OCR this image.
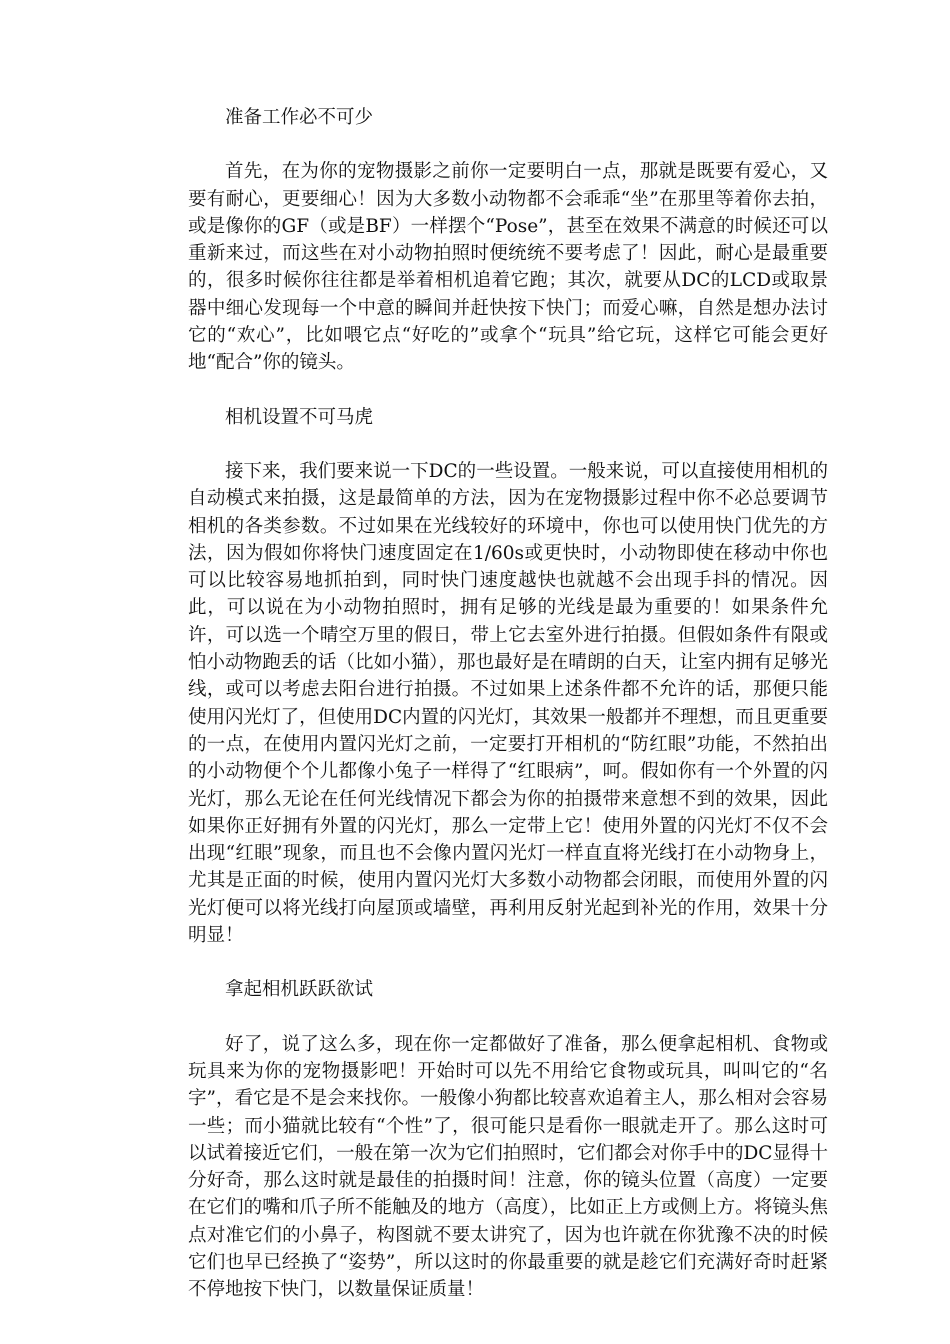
准备工作必不可少

首先，在为你的宠物摄影之前你一定要明白一点，那就是既要有爱心，又要有耐心，更要细心！因为大多数小动物都不会乖乖“坐”在那里等着你去拍，或是像你的GF（或是BF）一样摆个“Pose”，甚至在效果不满意的时候还可以重新来过，而这些在对小动物拍照时便统统不要考虑了！因此，耐心是最重要的，很多时候你往往都是举着相机追着它跑；其次，就要从DC的LCD或取景器中细心发现每一个中意的瞬间并赶快按下快门；而爱心嘛，自然是想办法讨它的“欢心”，比如喂它点“好吃的”或拿个“玩具”给它玩，这样它可能会更好地“配合”你的镜头。

相机设置不可马虎

接下来，我们要来说一下DC的一些设置。一般来说，可以直接使用相机的自动模式来拍摄，这是最简单的方法，因为在宠物摄影过程中你不必总要调节相机的各类参数。不过如果在光线较好的环境中，你也可以使用快门优先的方法，因为假如你将快门速度固定在1/60s或更快时，小动物即使在移动中你也可以比较容易地抓拍到，同时快门速度越快也就越不会出现手抖的情况。因此，可以说在为小动物拍照时，拥有足够的光线是最为重要的！如果条件允许，可以选一个晴空万里的假日，带上它去室外进行拍摄。但假如条件有限或怕小动物跑丢的话（比如小猫），那也最好是在晴朗的白天，让室内拥有足够光线，或可以考虑去阳台进行拍摄。不过如果上述条件都不允许的话，那便只能使用闪光灯了，但使用DC内置的闪光灯，其效果一般都并不理想，而且更重要的一点，在使用内置闪光灯之前，一定要打开相机的“防红眼”功能，不然拍出的小动物便个个儿都像小兔子一样得了“红眼病”，呵。假如你有一个外置的闪光灯，那么无论在任何光线情况下都会为你的拍摄带来意想不到的效果，因此如果你正好拥有外置的闪光灯，那么一定带上它！使用外置的闪光灯不仅不会出现“红眼”现象，而且也不会像内置闪光灯一样直直将光线打在小动物身上，尤其是正面的时候，使用内置闪光灯大多数小动物都会闭眼，而使用外置的闪光灯便可以将光线打向屋顶或墙壁，再利用反射光起到补光的作用，效果十分明显！

拿起相机跃跃欲试

好了，说了这么多，现在你一定都做好了准备，那么便拿起相机、食物或玩具来为你的宠物摄影吧！开始时可以先不用给它食物或玩具，叫叫它的“名字”，看它是不是会来找你。一般像小狗都比较喜欢追着主人，那么相对会容易一些；而小猫就比较有“个性”了，很可能只是看你一眼就走开了。那么这时可以试着接近它们，一般在第一次为它们拍照时，它们都会对你手中的DC显得十分好奇，那么这时就是最佳的拍摄时间！注意，你的镜头位置（高度）一定要在它们的嘴和爪子所不能触及的地方（高度），比如正上方或侧上方。将镜头焦点对准它们的小鼻子，构图就不要太讲究了，因为也许就在你犹豫不决的时候它们也早已经换了“姿势”，所以这时的你最重要的就是趁它们充满好奇时赶紧不停地按下快门，以数量保证质量！
